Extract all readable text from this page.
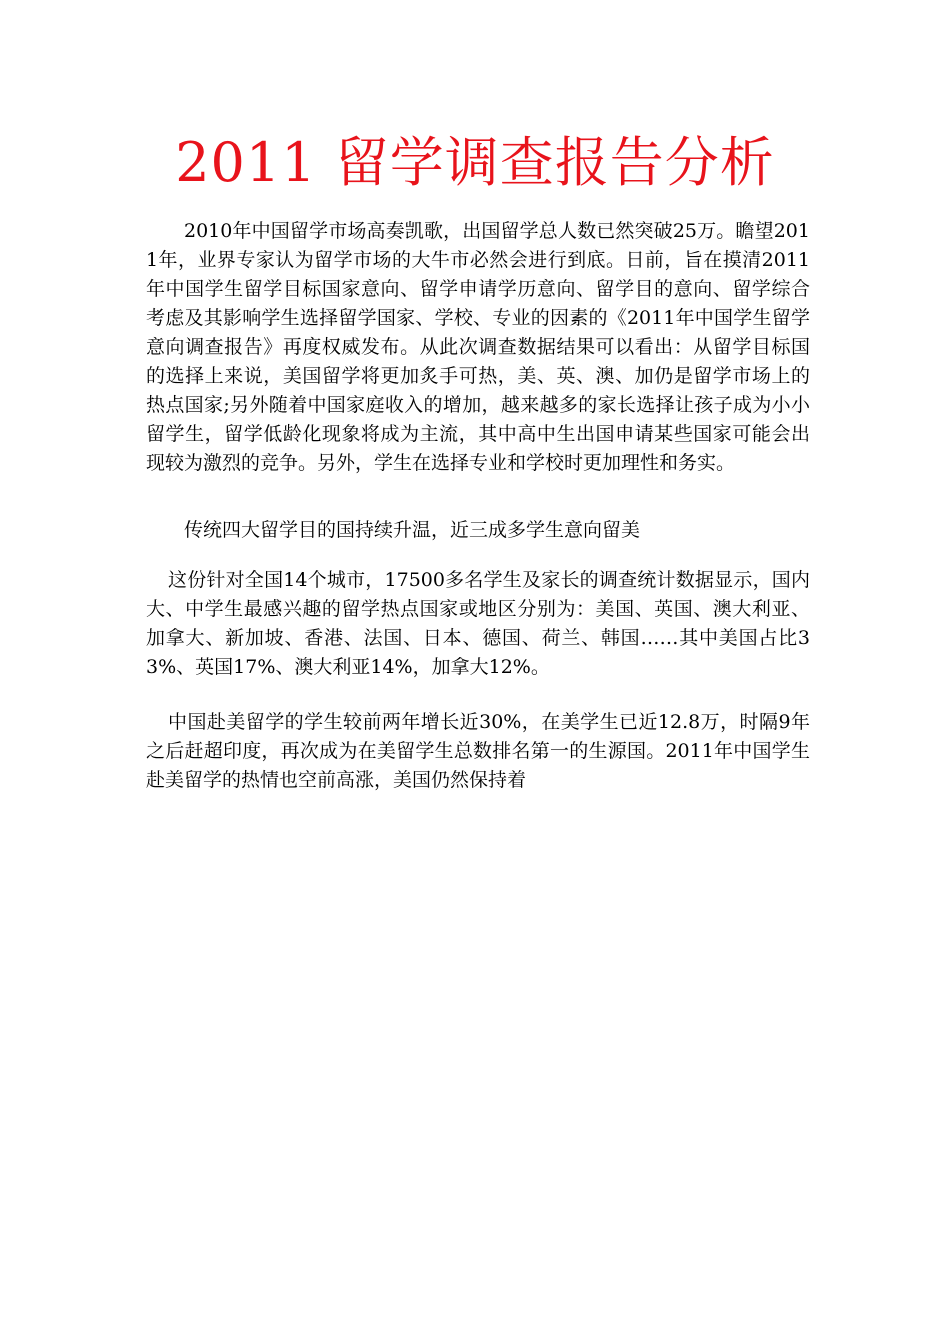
2011 留学调查报告分析

2010年中国留学市场高奏凯歌，出国留学总人数已然突破25万。瞻望2011年，业界专家认为留学市场的大牛市必然会进行到底。日前，旨在摸清2011年中国学生留学目标国家意向、留学申请学历意向、留学目的意向、留学综合考虑及其影响学生选择留学国家、学校、专业的因素的《2011年中国学生留学意向调查报告》再度权威发布。从此次调查数据结果可以看出：从留学目标国的选择上来说，美国留学将更加炙手可热，美、英、澳、加仍是留学市场上的热点国家;另外随着中国家庭收入的增加，越来越多的家长选择让孩子成为小小留学生，留学低龄化现象将成为主流，其中高中生出国申请某些国家可能会出现较为激烈的竞争。另外，学生在选择专业和学校时更加理性和务实。

传统四大留学目的国持续升温，近三成多学生意向留美

这份针对全国14个城市，17500多名学生及家长的调查统计数据显示，国内大、中学生最感兴趣的留学热点国家或地区分别为：美国、英国、澳大利亚、加拿大、新加坡、香港、法国、日本、德国、荷兰、韩国……其中美国占比33%、英国17%、澳大利亚14%，加拿大12%。

中国赴美留学的学生较前两年增长近30%，在美学生已近12.8万，时隔9年之后赶超印度，再次成为在美留学生总数排名第一的生源国。2011年中国学生赴美留学的热情也空前高涨，美国仍然保持着
